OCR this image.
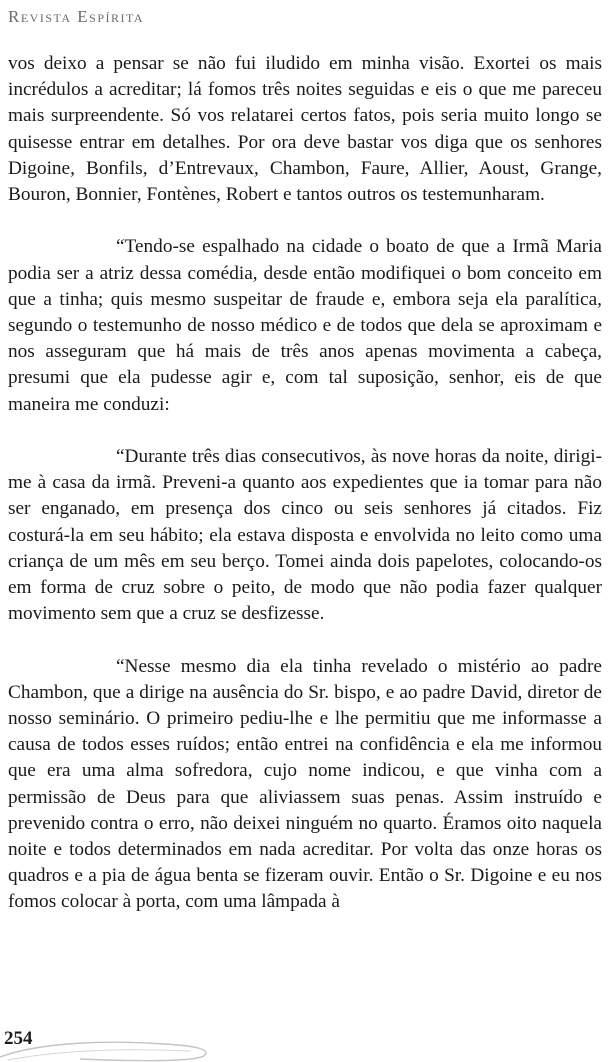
Revista Espírita

vos deixo a pensar se não fui iludido em minha visão. Exortei os mais incrédulos a acreditar; lá fomos três noites seguidas e eis o que me pareceu mais surpreendente. Só vos relatarei certos fatos, pois seria muito longo se quisesse entrar em detalhes. Por ora deve bastar vos diga que os senhores Digoine, Bonfils, d’Entrevaux, Chambon, Faure, Allier, Aoust, Grange, Bouron, Bonnier, Fontènes, Robert e tantos outros os testemunharam.

“Tendo-se espalhado na cidade o boato de que a Irmã Maria podia ser a atriz dessa comédia, desde então modifiquei o bom conceito em que a tinha; quis mesmo suspeitar de fraude e, embora seja ela paralítica, segundo o testemunho de nosso médico e de todos que dela se aproximam e nos asseguram que há mais de três anos apenas movimenta a cabeça, presumi que ela pudesse agir e, com tal suposição, senhor, eis de que maneira me conduzi:

“Durante três dias consecutivos, às nove horas da noite, dirigi-me à casa da irmã. Preveni-a quanto aos expedientes que ia tomar para não ser enganado, em presença dos cinco ou seis senhores já citados. Fiz costurá-la em seu hábito; ela estava disposta e envolvida no leito como uma criança de um mês em seu berço. Tomei ainda dois papelotes, colocando-os em forma de cruz sobre o peito, de modo que não podia fazer qualquer movimento sem que a cruz se desfizesse.

“Nesse mesmo dia ela tinha revelado o mistério ao padre Chambon, que a dirige na ausência do Sr. bispo, e ao padre David, diretor de nosso seminário. O primeiro pediu-lhe e lhe permitiu que me informasse a causa de todos esses ruídos; então entrei na confidência e ela me informou que era uma alma sofredora, cujo nome indicou, e que vinha com a permissão de Deus para que aliviassem suas penas. Assim instruído e prevenido contra o erro, não deixei ninguém no quarto. Éramos oito naquela noite e todos determinados em nada acreditar. Por volta das onze horas os quadros e a pia de água benta se fizeram ouvir. Então o Sr. Digoine e eu nos fomos colocar à porta, com uma lâmpada à

254
